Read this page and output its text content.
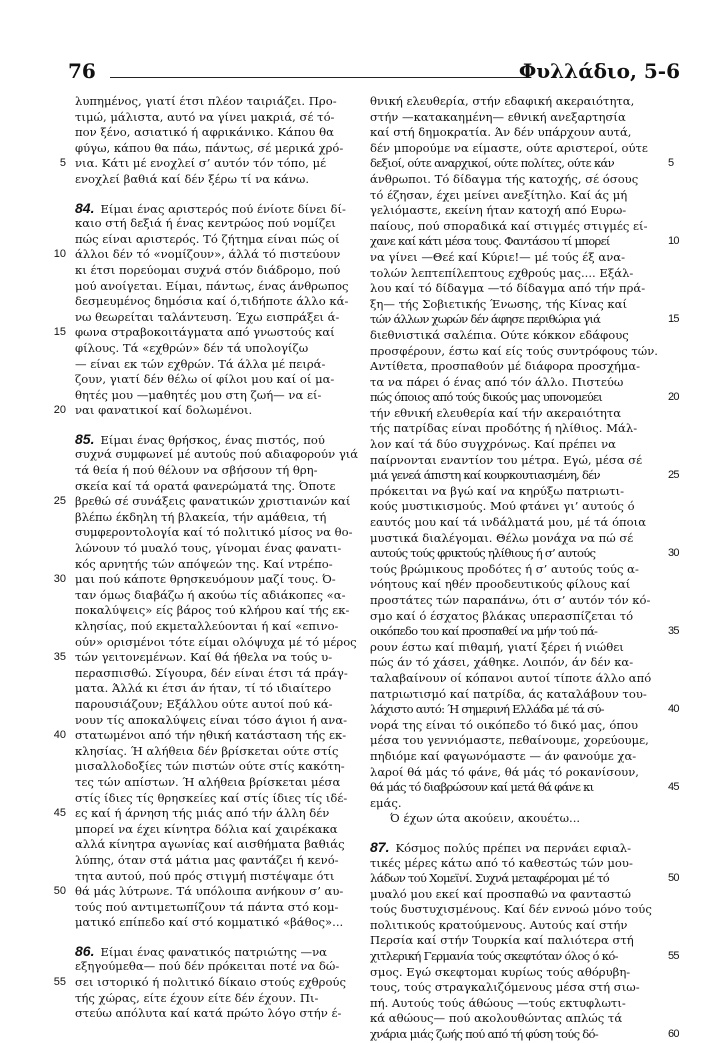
76	Φυλλάδιο, 5-6
λυπημένος, γιατί έτσι πλέον ταιριάζει. Προ-
τιμώ, μάλιστα, αυτό να γίνει μακριά, σέ τό-
πον ξένο, ασιατικό ή αφρικάνικο. Κάπου θα
φύγω, κάπου θα πάω, πάντως, σέ μερικά χρό-
5 νια. Κάτι μέ ενοχλεί σ’ αυτόν τόν τόπο, μέ
ενοχλεί βαθιά καί δέν ξέρω τί να κάνω.
84. Είμαι ένας αριστερός πού ένίοτε δίνει δί-
καιο στή δεξιά ή ένας κεντρώος πού νομίζει
πώς είναι αριστερός. Τό ζήτημα είναι πώς οί
10 άλλοι δέν τό «νομίζουν», άλλά τό πιστεύουν
κι έτσι πορεύομαι συχνά στόν διάδρομο, πού
μού ανοίγεται. Είμαι, πάντως, ένας άνθρωπος
δεσμευμένος δημόσια καί ό,τιδήποτε άλλο κά-
νω θεωρείται ταλάντευση. Έχω εισπράξει ά-
15 φωνα στραβοκοιτάγματα από γνωστούς καί
φίλους. Τά «εχθρών» δέν τά υπολογίζω
— είναι εκ τών εχθρών. Τά άλλα μέ πειρά-
ζουν, γιατί δέν θέλω οί φίλοι μου καί οί μα-
θητές μου —μαθητές μου στη ζωή— να εί-
20 ναι φανατικοί καί δολωμένοι.
85. Είμαι ένας θρήσκος, ένας πιστός, πού
συχνά συμφωνεί μέ αυτούς πού αδιαφορούν γιά
τά θεία ή πού θέλουν να σβήσουν τή θρη-
σκεία καί τά ορατά φανερώματά της. Όποτε
25 βρεθώ σέ συνάξεις φανατικών χριστιανών καί
βλέπω έκδηλη τή βλακεία, τήν αμάθεια, τή
συμφεροντολογία καί τό πολιτικό μίσος να θο-
λώνουν τό μυαλό τους, γίνομαι ένας φανατι-
κός αρνητής τών απόψεών της. Καί ντρέπο-
30 μαι πού κάποτε θρησκευόμουν μαζί τους. Ό-
ταν όμως διαβάζω ή ακούω τίς αδιάκοπες «α-
ποκαλύψεις» είς βάρος τού κλήρου καί τής εκ-
κλησίας, πού εκμεταλλεύονται ή καί «επινο-
ούν» ορισμένοι τότε είμαι ολόψυχα μέ τό μέρος
35 τών γειτονεμένων. Καί θά ήθελα να τούς υ-
περασπισθώ. Σίγουρα, δέν είναι έτσι τά πράγ-
ματα. Άλλά κι έτσι άν ήταν, τί τό ιδιαίτερο
παρουσιάζουν; Εξάλλου ούτε αυτοί πού κά-
νουν τίς αποκαλύψεις είναι τόσο άγιοι ή ανα-
40 στατωμένοι από τήν ηθική κατάσταση τής εκ-
κλησίας. Ή αλήθεια δέν βρίσκεται ούτε στίς
μισαλλοδοξίες τών πιστών ούτε στίς κακότη-
τες τών απίστων. Ή αλήθεια βρίσκεται μέσα
στίς ίδιες τίς θρησκείες καί στίς ίδιες τίς ιδέ-
45 ες καί ή άρνηση τής μιάς από τήν άλλη δέν
μπορεί να έχει κίνητρα δόλια καί χαιρέκακα
αλλά κίνητρα αγωνίας καί αισθήματα βαθιάς
λύπης, όταν στά μάτια μας φαντάζει ή κενό-
τητα αυτού, πού πρός στιγμή πιστέψαμε ότι
50 θά μάς λύτρωνε. Τά υπόλοιπα ανήκουν σ’ αυ-
τούς πού αντιμετωπίζουν τά πάντα στό κομ-
ματικό επίπεδο καί στό κομματικό «βάθος»...
86. Είμαι ένας φανατικός πατριώτης —να
εξηγούμεθα— πού δέν πρόκειται ποτέ να δώ-
55 σει ιστορικό ή πολιτικό δίκαιο στούς εχθρούς
τής χώρας, είτε έχουν είτε δέν έχουν. Πι-
στεύω απόλυτα καί κατά πρώτο λόγο στήν έ-
θνική ελευθερία, στήν εδαφική ακεραιότητα,
στήν —κατακαημένη— εθνική ανεξαρτησία
καί στή δημοκρατία. Άν δέν υπάρχουν αυτά,
δέν μπορούμε να είμαστε, ούτε αριστεροί, ούτε
5
δεξιοί, ούτε αναρχικοί, ούτε πολίτες, ούτε κάν
άνθρωποι. Τό δίδαγμα τής κατοχής, σέ όσους
τό έζησαν, έχει μείνει ανεξίτηλο. Καί άς μή
γελιόμαστε, εκείνη ήταν κατοχή από Ευρω-
παίους, πού σποραδικά καί στιγμές στιγμές εί-
10
χανε καί κάτι μέσα τους. Φαντάσου τί μπορεί
να γίνει —Θεέ καί Κύριε!— μέ τούς έξ ανα-
τολών λεπτεπίλεπτους εχθρούς μας.... Εξάλ-
λου καί τό δίδαγμα —τό δίδαγμα από τήν πρά-
ξη— τής Σοβιετικής Ένωσης, τής Κίνας καί
15
τών άλλων χωρών δέν άφησε περιθώρια γιά
διεθνιστικά σαλέπια. Ούτε κόκκον εδάφους
προσφέρουν, έστω καί είς τούς συντρόφους τών.
Αντίθετα, προσπαθούν μέ διάφορα προσχήμα-
τα να πάρει ό ένας από τόν άλλο. Πιστεύω
20
πώς όποιος από τούς δικούς μας υπονομεύει
τήν εθνική ελευθερία καί τήν ακεραιότητα
τής πατρίδας είναι προδότης ή ηλίθιος. Μάλ-
λον καί τά δύο συγχρόνως. Καί πρέπει να
παίρνονται εναντίον του μέτρα. Εγώ, μέσα σέ
25
μιά γενεά άπιστη καί κουρκουτιασμένη, δέν
πρόκειται να βγώ καί να κηρύξω πατριωτι-
κούς μυστικισμούς. Μού φτάνει γι’ αυτούς ό
εαυτός μου καί τά ινδάλματά μου, μέ τά όποια
μυστικά διαλέγομαι. Θέλω μονάχα να πώ σέ
30
αυτούς τούς φρικτούς ηλίθιους ή σ’ αυτούς
τούς βρώμικους προδότες ή σ’ αυτούς τούς α-
νόητους καί ηθέν προοδευτικούς φίλους καί
προστάτες τών παραπάνω, ότι σ’ αυτόν τόν κό-
σμο καί ό έσχατος βλάκας υπερασπίζεται τό
35
οικόπεδο του καί προσπαθεί να μήν τού πά-
ρουν έστω καί πιθαμή, γιατί ξέρει ή νιώθει
πώς άν τό χάσει, χάθηκε. Λοιπόν, άν δέν κα-
ταλαβαίνουν οί κόπανοι αυτοί τίποτε άλλο από
πατριωτισμό καί πατρίδα, άς καταλάβουν του-
40
λάχιστο αυτό: Ή σημερινή Ελλάδα μέ τά σύ-
νορά της είναι τό οικόπεδο τό δικό μας, όπου
μέσα του γεννιόμαστε, πεθαίνουμε, χορεύουμε,
πηδιόμε καί φαγωνόμαστε — άν φανούμε χα-
λαροί θά μάς τό φάνε, θά μάς τό ροκανίσουν,
45
θά μάς τό διαβρώσουν καί μετά θά φάνε κι
εμάς.
Ό έχων ώτα ακούειν, ακουέτω...
87. Κόσμος πολύς πρέπει να περνάει εφιαλ-
τικές μέρες κάτω από τό καθεστώς τών μου-
50
λάδων τού Χομεϊνί. Συχνά μεταφέρομαι μέ τό
μυαλό μου εκεί καί προσπαθώ να φανταστώ
τούς δυστυχισμένους. Καί δέν εννοώ μόνο τούς
πολιτικούς κρατούμενους. Αυτούς καί στήν
Περσία καί στήν Τουρκία καί παλιότερα στή
55
χιτλερική Γερμανία τούς σκεφτόταν όλος ό κό-
σμος. Εγώ σκεφτομαι κυρίως τούς αθόρυβη-
τους, τούς στραγκαλιζόμενους μέσα στή σιω-
πή. Αυτούς τούς άθώους —τούς εκτυφλωτι-
κά αθώους— πού ακολουθώντας απλώς τά
60
χνάρια μιάς ζωής πού από τή φύση τούς δό-
